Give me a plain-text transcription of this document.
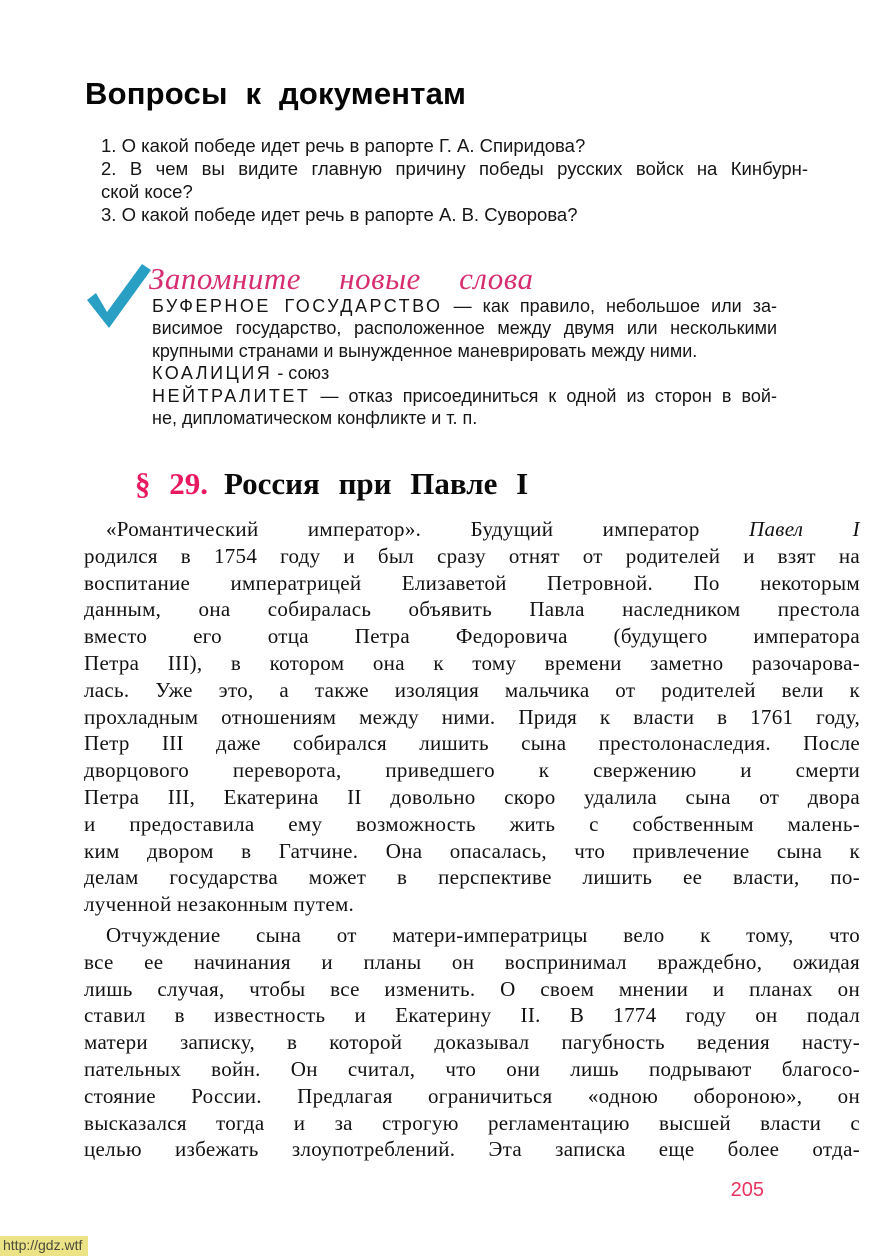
Вопросы к документам
1. О какой победе идет речь в рапорте Г. А. Спиридова?
2. В чем вы видите главную причину победы русских войск на Кинбурн-
ской косе?
3. О какой победе идет речь в рапорте А. В. Суворова?
Запомните новые слова
БУФЕРНОЕ ГОСУДАРСТВО — как правило, небольшое или за-
висимое государство, расположенное между двумя или несколькими
крупными странами и вынужденное маневрировать между ними.
КОАЛИЦИЯ - союз
НЕЙТРАЛИТЕТ — отказ присоединиться к одной из сторон в вой-
не, дипломатическом конфликте и т. п.
§ 29. Россия при Павле I
«Романтический император». Будущий император Павел I
родился в 1754 году и был сразу отнят от родителей и взят на
воспитание императрицей Елизаветой Петровной. По некоторым
данным, она собиралась объявить Павла наследником престола
вместо его отца Петра Федоровича (будущего императора
Петра III), в котором она к тому времени заметно разочарова-
лась. Уже это, а также изоляция мальчика от родителей вели к
прохладным отношениям между ними. Придя к власти в 1761 году,
Петр III даже собирался лишить сына престолонаследия. После
дворцового переворота, приведшего к свержению и смерти
Петра III, Екатерина II довольно скоро удалила сына от двора
и предоставила ему возможность жить с собственным малень-
ким двором в Гатчине. Она опасалась, что привлечение сына к
делам государства может в перспективе лишить ее власти, по-
лученной незаконным путем.
Отчуждение сына от матери-императрицы вело к тому, что
все ее начинания и планы он воспринимал враждебно, ожидая
лишь случая, чтобы все изменить. О своем мнении и планах он
ставил в известность и Екатерину II. В 1774 году он подал
матери записку, в которой доказывал пагубность ведения насту-
пательных войн. Он считал, что они лишь подрывают благосо-
стояние России. Предлагая ограничиться «одною обороною», он
высказался тогда и за строгую регламентацию высшей власти с
целью избежать злоупотреблений. Эта записка еще более отда-
205
http://gdz.wtf
